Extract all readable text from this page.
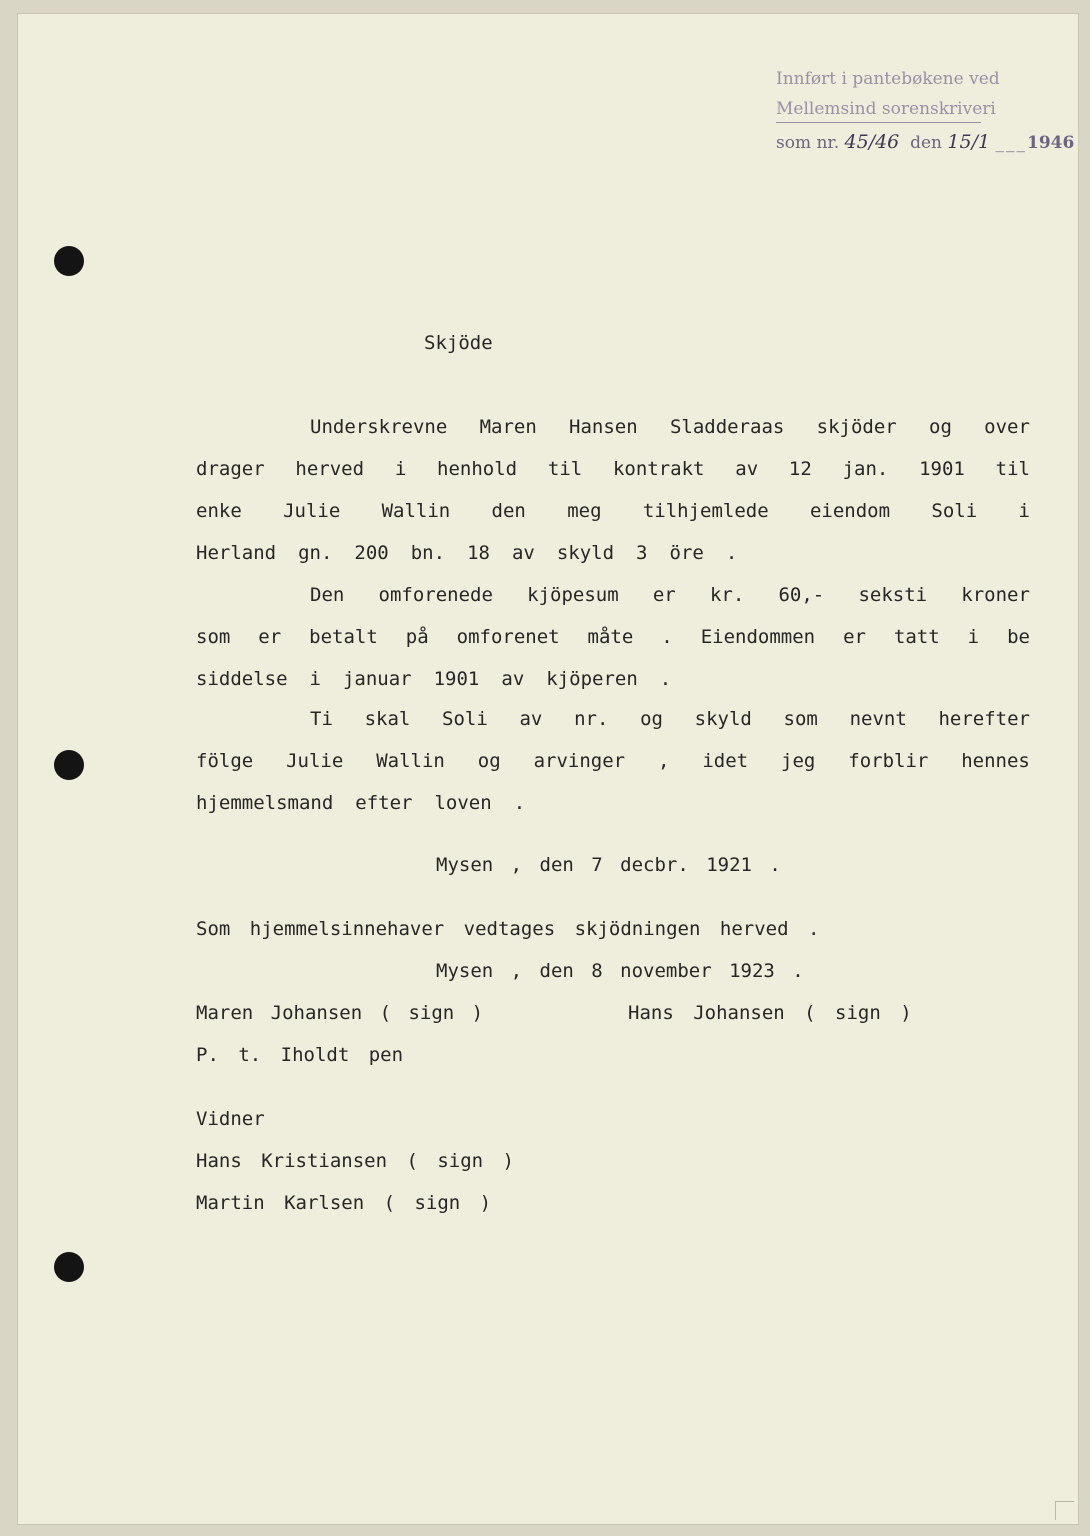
Innført i pantebøkene ved
Mellemsind sorenskriveri
som nr. 45/46 den 15/1 ___1946
Skjöde
Underskrevne Maren Hansen Sladderaas skjöder og over
drager herved i henhold til kontrakt av 12 jan. 1901 til
enke Julie Wallin den meg tilhjemlede eiendom Soli i
Herland gn. 200 bn. 18 av skyld 3 öre .
Den omforenede kjöpesum er kr. 60,- seksti kroner
som er betalt på omforenet måte . Eiendommen er tatt i be
siddelse i januar 1901 av kjöperen .
Ti skal Soli av nr. og skyld som nevnt herefter
fölge Julie Wallin og arvinger , idet jeg forblir hennes
hjemmelsmand efter loven .
Mysen , den 7 decbr. 1921 .
Som hjemmelsinnehaver vedtages skjödningen herved .
Mysen , den 8 november 1923 .
Maren Johansen ( sign )	Hans Johansen ( sign )
P. t. Iholdt pen
Vidner
Hans Kristiansen ( sign )
Martin Karlsen ( sign )
